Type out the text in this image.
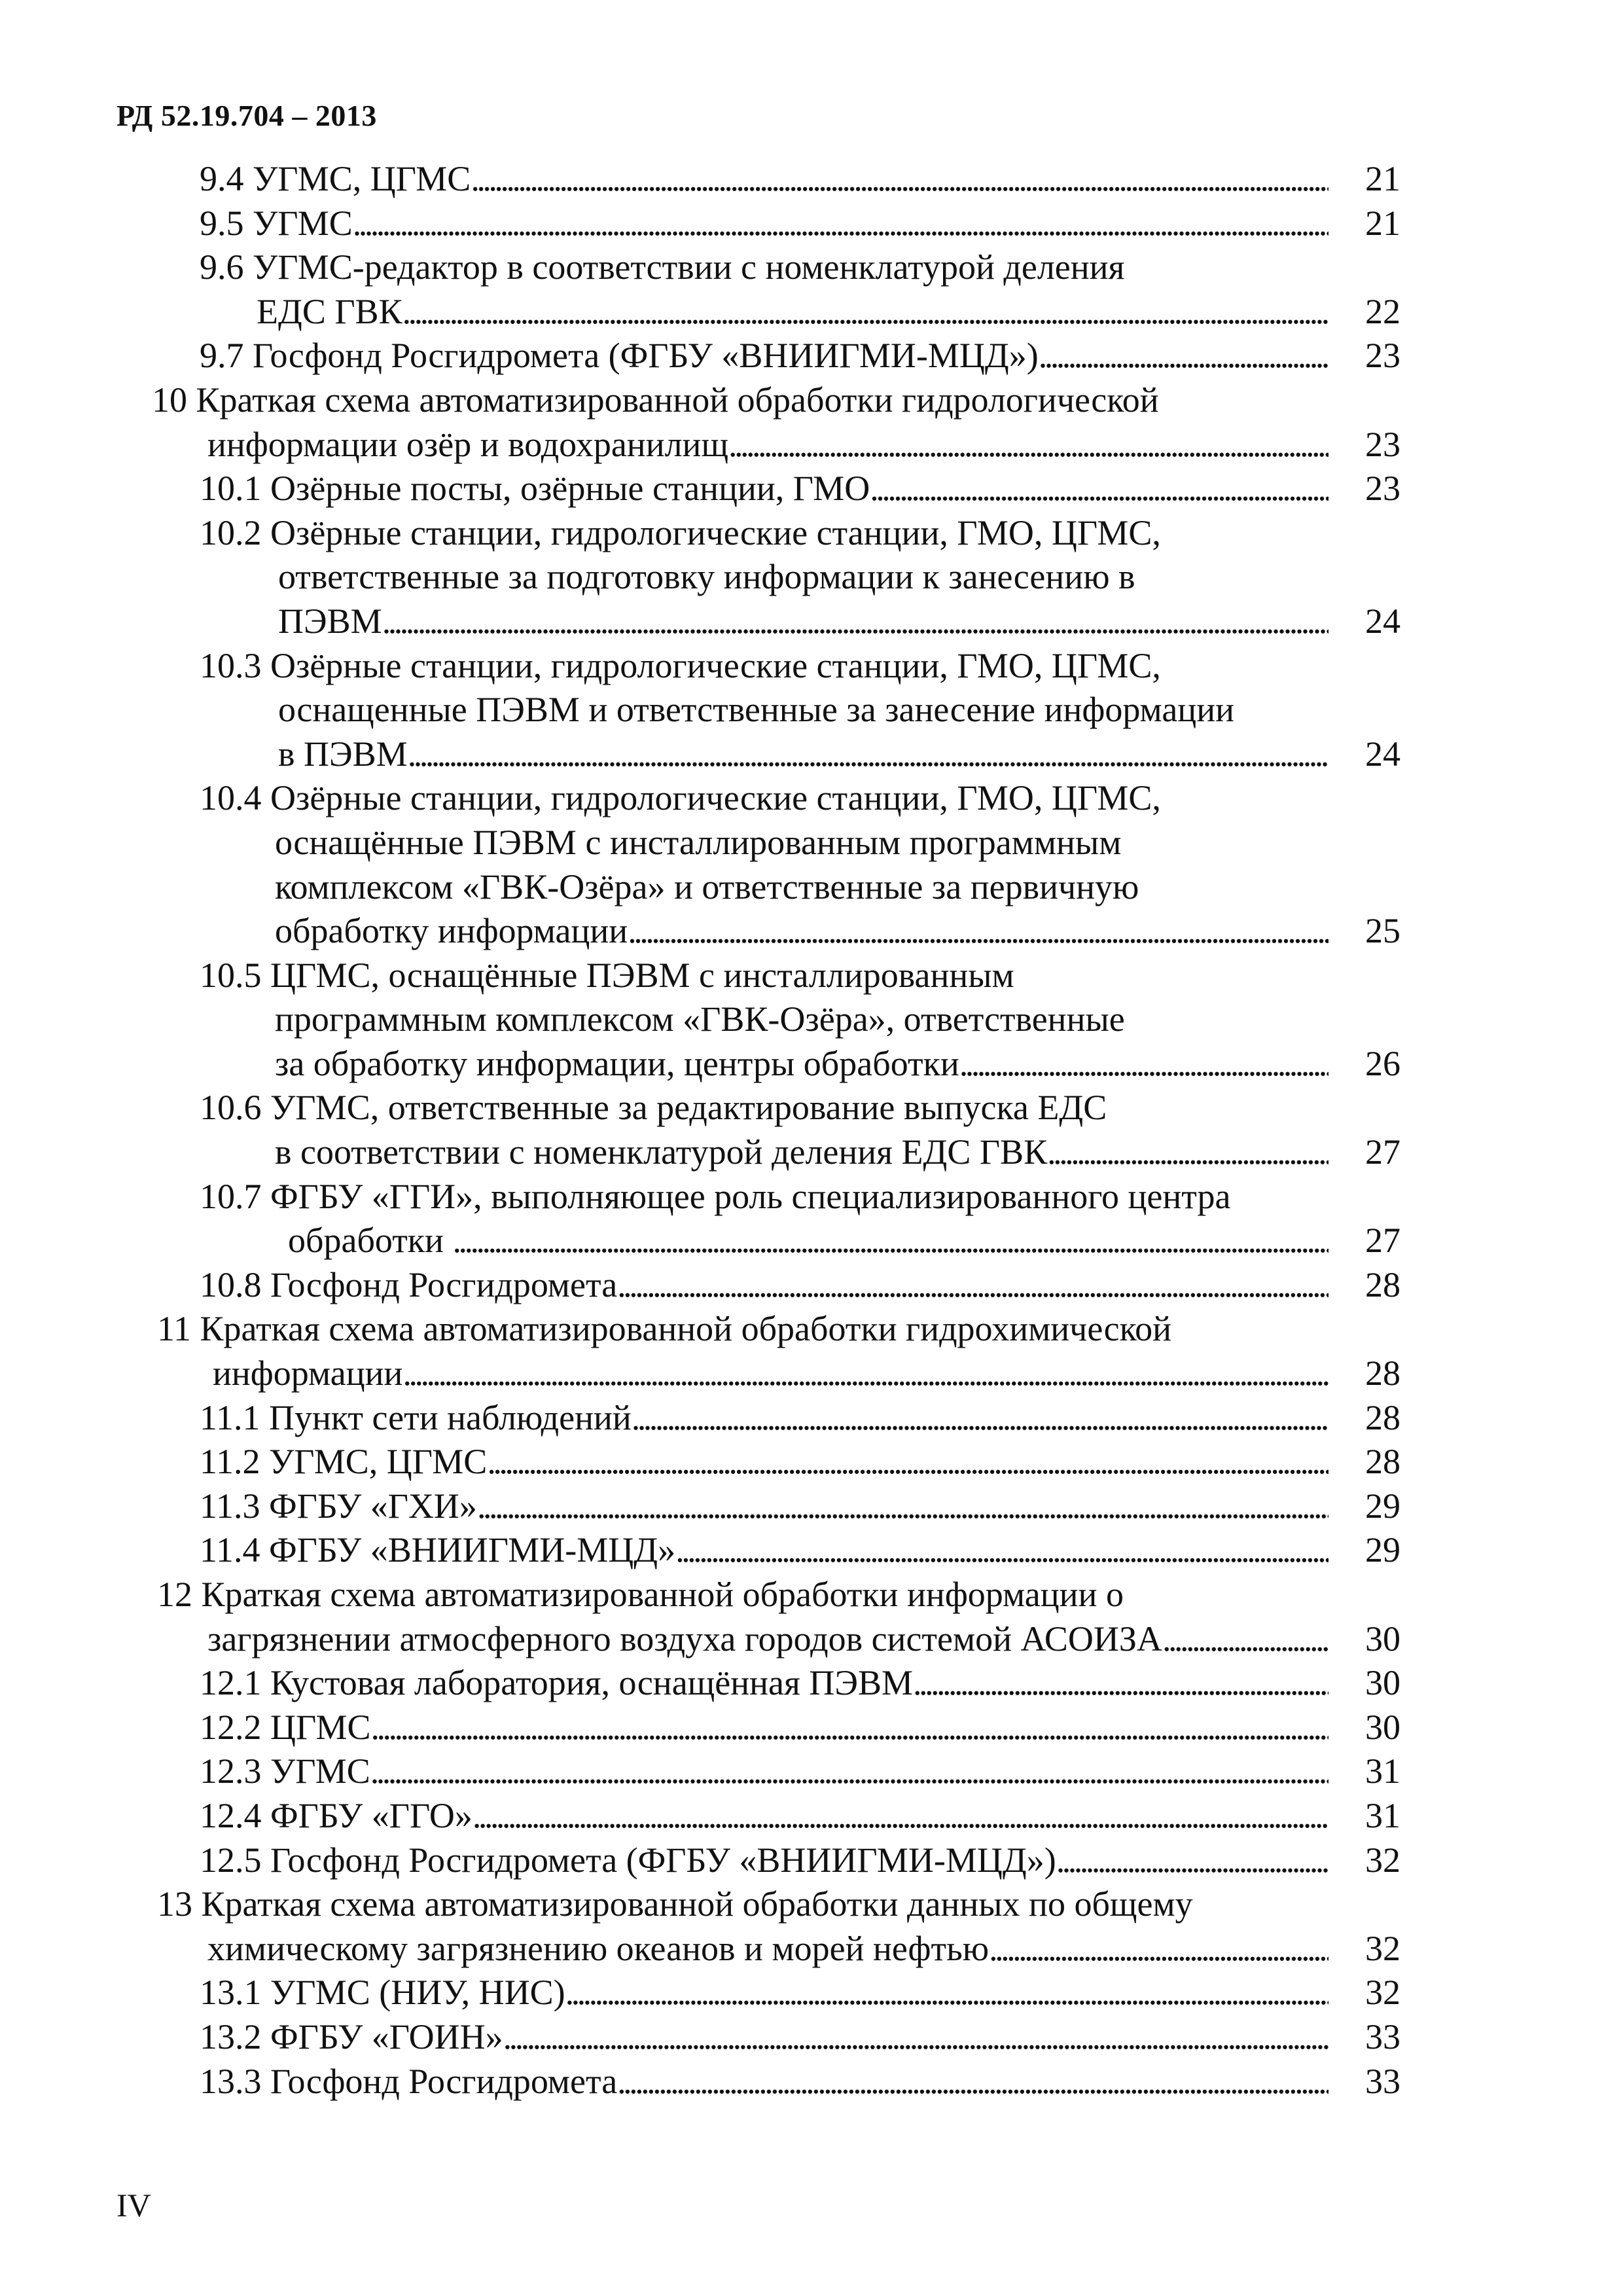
РД 52.19.704 – 2013
9.4 УГМС, ЦГМС . . .	21
9.5 УГМС . . .	21
9.6 УГМС-редактор в соответствии с номенклатурой деления
ЕДС ГВК . . .	22
9.7 Госфонд Росгидромета (ФГБУ «ВНИИГМИ-МЦД») . . .	23
10 Краткая схема автоматизированной обработки гидрологической
информации озёр и водохранилищ . . .	23
10.1 Озёрные посты, озёрные станции, ГМО . . .	23
10.2 Озёрные станции, гидрологические станции, ГМО, ЦГМС,
ответственные за подготовку информации к занесению в
ПЭВМ . . .	24
10.3 Озёрные станции, гидрологические станции, ГМО, ЦГМС,
оснащенные ПЭВМ и ответственные за занесение информации
в ПЭВМ . . .	24
10.4 Озёрные станции, гидрологические станции, ГМО, ЦГМС,
оснащённые ПЭВМ с инсталлированным программным
комплексом «ГВК-Озёра» и ответственные за первичную
обработку информации . . .	25
10.5 ЦГМС, оснащённые ПЭВМ с инсталлированным
программным комплексом «ГВК-Озёра», ответственные
за обработку информации, центры обработки . . .	26
10.6 УГМС, ответственные за редактирование выпуска ЕДС
в соответствии с номенклатурой деления ЕДС ГВК . . .	27
10.7 ФГБУ «ГГИ», выполняющее роль специализированного центра
обработки . . .	27
10.8 Госфонд Росгидромета . . .	28
11 Краткая схема автоматизированной обработки гидрохимической
информации . . .	28
11.1 Пункт сети наблюдений . . .	28
11.2 УГМС, ЦГМС . . .	28
11.3 ФГБУ «ГХИ» . . .	29
11.4 ФГБУ «ВНИИГМИ-МЦД» . . .	29
12 Краткая схема автоматизированной обработки информации о
загрязнении атмосферного воздуха городов системой АСОИЗА . . .	30
12.1 Кустовая лаборатория, оснащённая ПЭВМ . . .	30
12.2 ЦГМС . . .	30
12.3 УГМС . . .	31
12.4 ФГБУ «ГГО» . . .	31
12.5 Госфонд Росгидромета (ФГБУ «ВНИИГМИ-МЦД») . . .	32
13 Краткая схема автоматизированной обработки данных по общему
химическому загрязнению океанов и морей нефтью . . .	32
13.1 УГМС (НИУ, НИС) . . .	32
13.2 ФГБУ «ГОИН» . . .	33
13.3 Госфонд Росгидромета . . .	33
IV
